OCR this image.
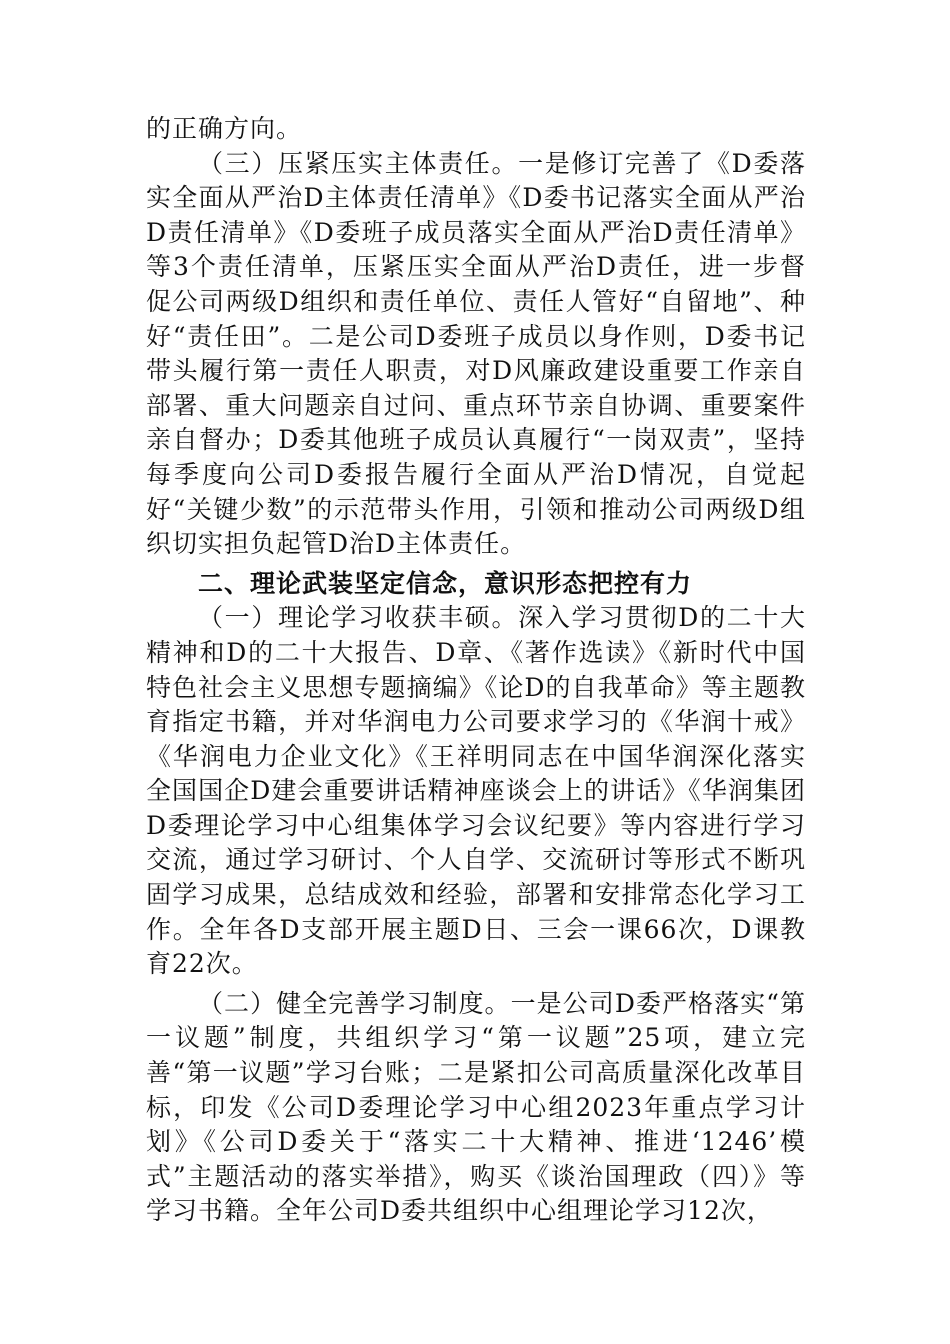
的正确方向。

（三）压紧压实主体责任。一是修订完善了《D委落实全面从严治D主体责任清单》《D委书记落实全面从严治D责任清单》《D委班子成员落实全面从严治D责任清单》等3个责任清单，压紧压实全面从严治D责任，进一步督促公司两级D组织和责任单位、责任人管好“自留地”、种好“责任田”。二是公司D委班子成员以身作则，D委书记带头履行第一责任人职责，对D风廉政建设重要工作亲自部署、重大问题亲自过问、重点环节亲自协调、重要案件亲自督办；D委其他班子成员认真履行“一岗双责”，坚持每季度向公司D委报告履行全面从严治D情况，自觉起好“关键少数”的示范带头作用，引领和推动公司两级D组织切实担负起管D治D主体责任。

二、理论武装坚定信念，意识形态把控有力

（一）理论学习收获丰硕。深入学习贯彻D的二十大精神和D的二十大报告、D章、《著作选读》《新时代中国特色社会主义思想专题摘编》《论D的自我革命》等主题教育指定书籍，并对华润电力公司要求学习的《华润十戒》《华润电力企业文化》《王祥明同志在中国华润深化落实全国国企D建会重要讲话精神座谈会上的讲话》《华润集团D委理论学习中心组集体学习会议纪要》等内容进行学习交流，通过学习研讨、个人自学、交流研讨等形式不断巩固学习成果，总结成效和经验，部署和安排常态化学习工作。全年各D支部开展主题D日、三会一课66次，D课教育22次。

（二）健全完善学习制度。一是公司D委严格落实“第一议题”制度，共组织学习“第一议题”25项，建立完善“第一议题”学习台账；二是紧扣公司高质量深化改革目标，印发《公司D委理论学习中心组2023年重点学习计划》《公司D委关于“落实二十大精神、推进‘1246’模式”主题活动的落实举措》，购买《谈治国理政（四）》等学习书籍。全年公司D委共组织中心组理论学习12次，
